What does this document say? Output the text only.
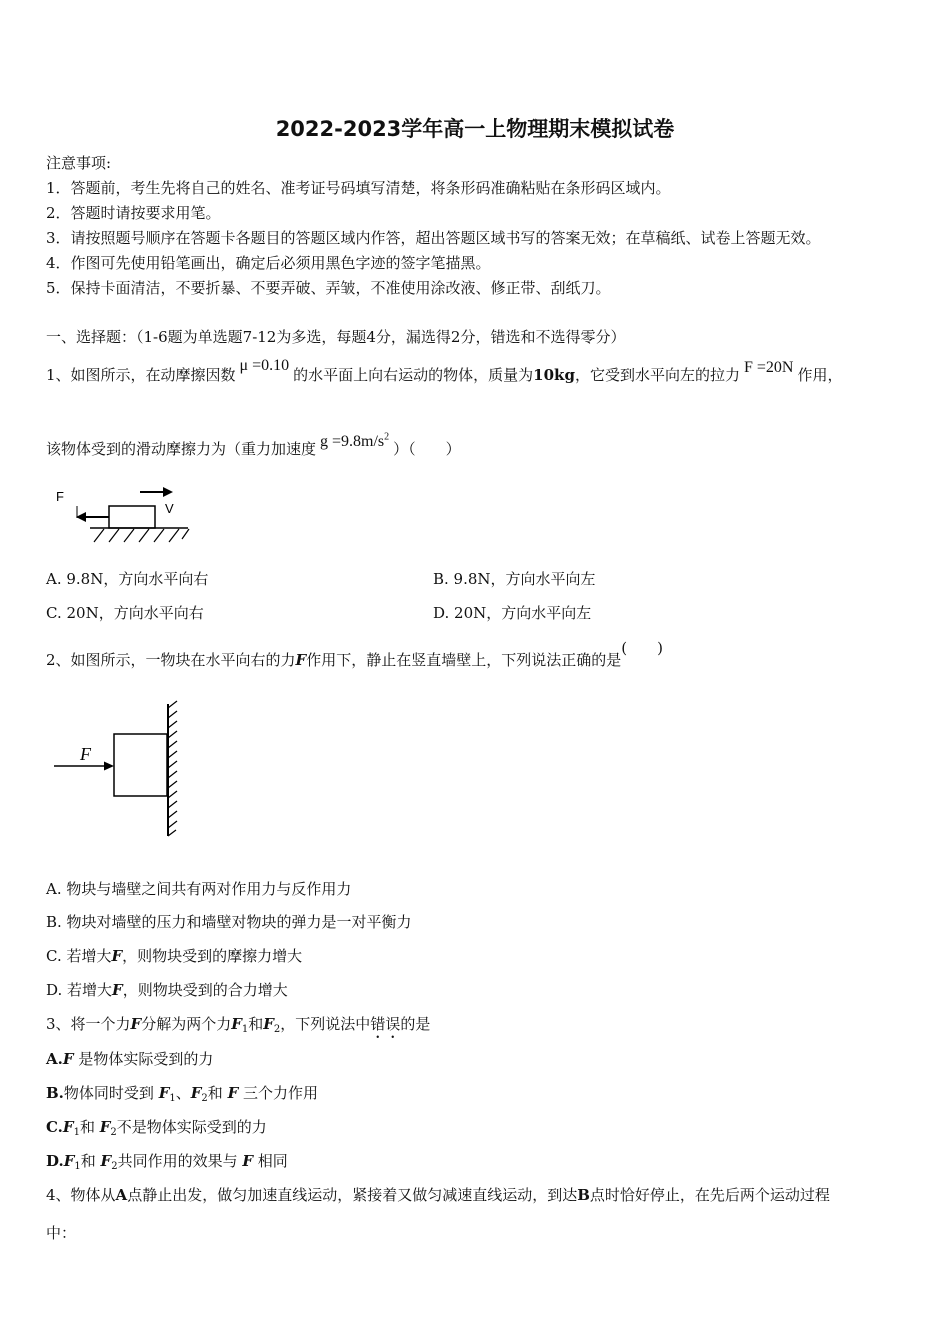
2022-2023学年高一上物理期末模拟试卷
注意事项:
1．答题前，考生先将自己的姓名、准考证号码填写清楚，将条形码准确粘贴在条形码区域内。
2．答题时请按要求用笔。
3．请按照题号顺序在答题卡各题目的答题区域内作答，超出答题区域书写的答案无效；在草稿纸、试卷上答题无效。
4．作图可先使用铅笔画出，确定后必须用黑色字迹的签字笔描黑。
5．保持卡面清洁，不要折暴、不要弄破、弄皱，不准使用涂改液、修正带、刮纸刀。
一、选择题：（1-6题为单选题7-12为多选，每题4分，漏选得2分，错选和不选得零分）
1、如图所示，在动摩擦因数μ =0.10的水平面上向右运动的物体，质量为10kg，它受到水平向左的拉力 F =20N 作用，
该物体受到的滑动摩擦力为（重力加速度 $g =9.8m/s^2$）（　　）
F
V
A. 9.8N，方向水平向右	B. 9.8N，方向水平向左
C. 20N，方向水平向右	D. 20N，方向水平向左
2、如图所示，一物块在水平向右的力F作用下，静止在竖直墙壁上，下列说法正确的是(　　)
F
A. 物块与墙壁之间共有两对作用力与反作用力
B. 物块对墙壁的压力和墙壁对物块的弹力是一对平衡力
C. 若增大F，则物块受到的摩擦力增大
D. 若增大F，则物块受到的合力增大
3、将一个力F分解为两个力$F_1$和$F_2$，下列说法中错误的是
A.F 是物体实际受到的力
B.物体同时受到 $F_1$、$F_2$和 F 三个力作用
$C.F_1$和 $F_2$不是物体实际受到的力
$D.F_1$和 $F_2$共同作用的效果与 F 相同
4、物体从A点静止出发，做匀加速直线运动，紧接着又做匀减速直线运动，到达B点时恰好停止，在先后两个运动过程
中：
